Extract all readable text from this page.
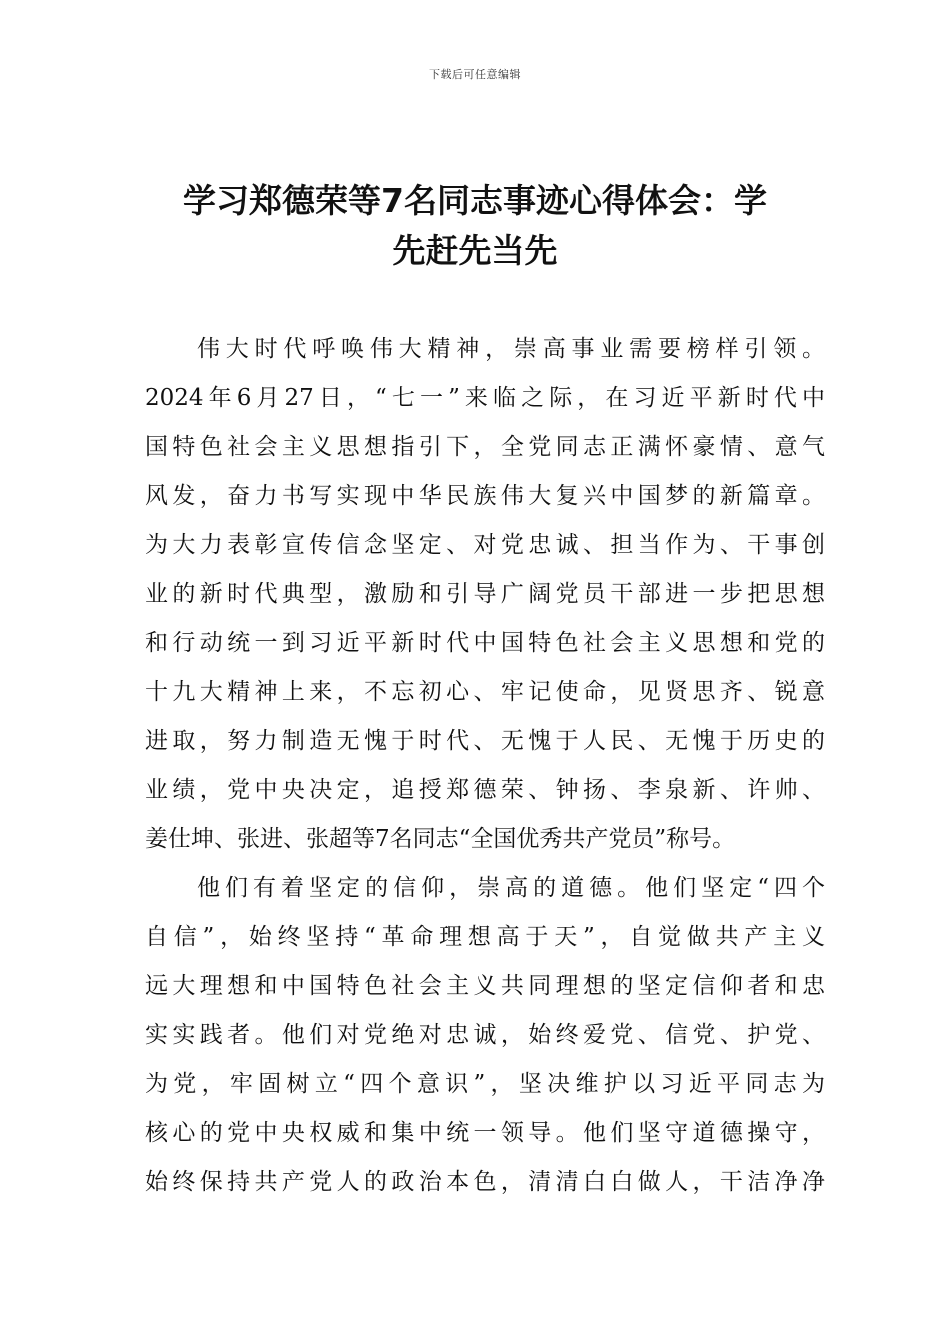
下载后可任意编辑
学习郑德荣等7名同志事迹心得体会：学
先赶先当先

伟大时代呼唤伟大精神，崇高事业需要榜样引领。
2024年6月27日，“七一”来临之际，在习近平新时代中
国特色社会主义思想指引下，全党同志正满怀豪情、意气
风发，奋力书写实现中华民族伟大复兴中国梦的新篇章。
为大力表彰宣传信念坚定、对党忠诚、担当作为、干事创
业的新时代典型，激励和引导广阔党员干部进一步把思想
和行动统一到习近平新时代中国特色社会主义思想和党的
十九大精神上来，不忘初心、牢记使命，见贤思齐、锐意
进取，努力制造无愧于时代、无愧于人民、无愧于历史的
业绩，党中央决定，追授郑德荣、钟扬、李泉新、许帅、
姜仕坤、张进、张超等7名同志“全国优秀共产党员”称号。

他们有着坚定的信仰，崇高的道德。他们坚定“四个
自信”，始终坚持“革命理想高于天”，自觉做共产主义
远大理想和中国特色社会主义共同理想的坚定信仰者和忠
实实践者。他们对党绝对忠诚，始终爱党、信党、护党、
为党，牢固树立“四个意识”，坚决维护以习近平同志为
核心的党中央权威和集中统一领导。他们坚守道德操守，
始终保持共产党人的政治本色，清清白白做人，干洁净净
